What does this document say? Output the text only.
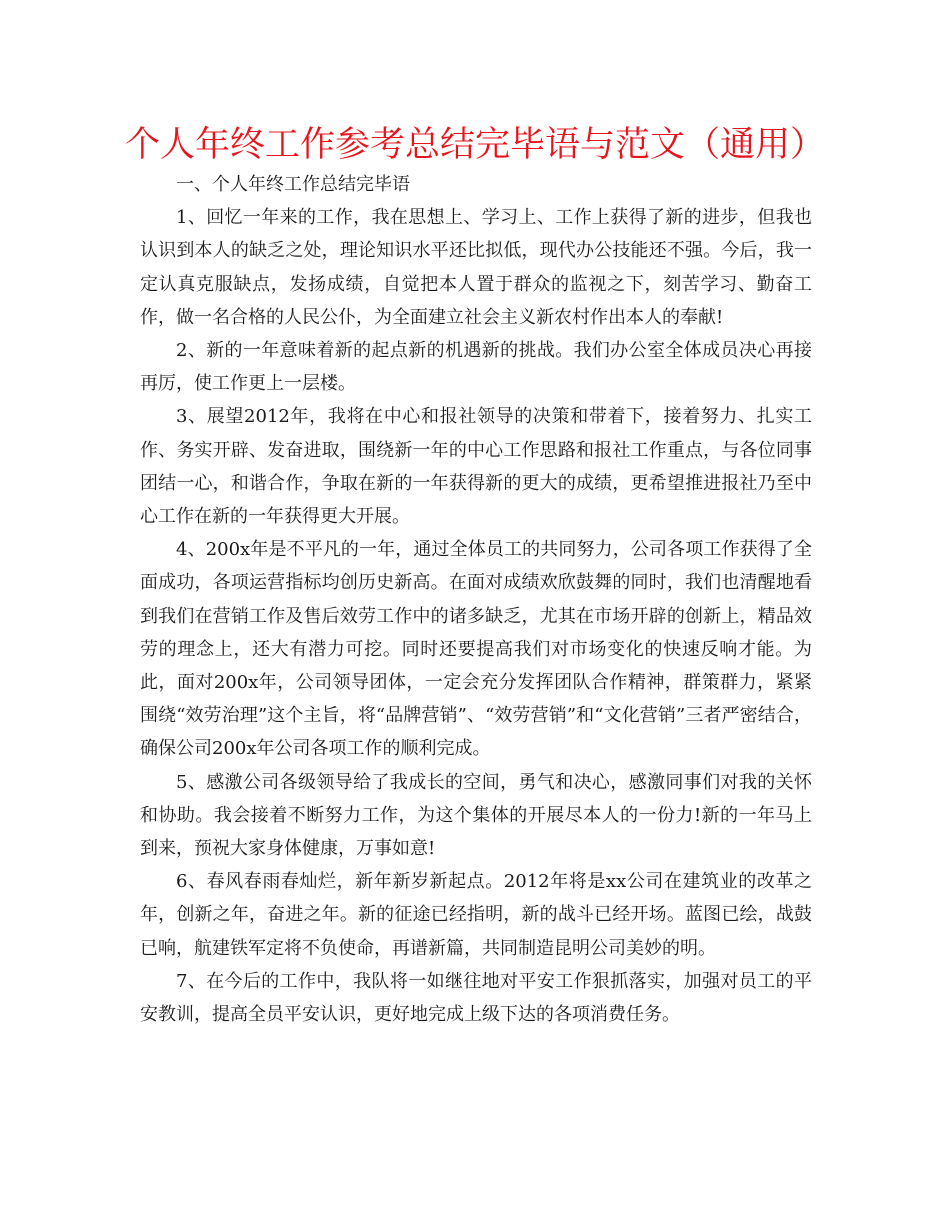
个人年终工作参考总结完毕语与范文（通用）

一、个人年终工作总结完毕语

1、回忆一年来的工作，我在思想上、学习上、工作上获得了新的进步，但我也认识到本人的缺乏之处，理论知识水平还比拟低，现代办公技能还不强。今后，我一定认真克服缺点，发扬成绩，自觉把本人置于群众的监视之下，刻苦学习、勤奋工作，做一名合格的人民公仆，为全面建立社会主义新农村作出本人的奉献!

2、新的一年意味着新的起点新的机遇新的挑战。我们办公室全体成员决心再接再厉，使工作更上一层楼。

3、展望2012年，我将在中心和报社领导的决策和带着下，接着努力、扎实工作、务实开辟、发奋进取，围绕新一年的中心工作思路和报社工作重点，与各位同事团结一心，和谐合作，争取在新的一年获得新的更大的成绩，更希望推进报社乃至中心工作在新的一年获得更大开展。

4、200x年是不平凡的一年，通过全体员工的共同努力，公司各项工作获得了全面成功，各项运营指标均创历史新高。在面对成绩欢欣鼓舞的同时，我们也清醒地看到我们在营销工作及售后效劳工作中的诸多缺乏，尤其在市场开辟的创新上，精品效劳的理念上，还大有潜力可挖。同时还要提高我们对市场变化的快速反响才能。为此，面对200x年，公司领导团体，一定会充分发挥团队合作精神，群策群力，紧紧围绕“效劳治理”这个主旨，将“品牌营销”、“效劳营销”和“文化营销”三者严密结合，确保公司200x年公司各项工作的顺利完成。

5、感激公司各级领导给了我成长的空间，勇气和决心，感激同事们对我的关怀和协助。我会接着不断努力工作，为这个集体的开展尽本人的一份力!新的一年马上到来，预祝大家身体健康，万事如意!

6、春风春雨春灿烂，新年新岁新起点。2012年将是xx公司在建筑业的改革之年，创新之年，奋进之年。新的征途已经指明，新的战斗已经开场。蓝图已绘，战鼓已响，航建铁军定将不负使命，再谱新篇，共同制造昆明公司美妙的明。

7、在今后的工作中，我队将一如继往地对平安工作狠抓落实，加强对员工的平安教训，提高全员平安认识，更好地完成上级下达的各项消费任务。
